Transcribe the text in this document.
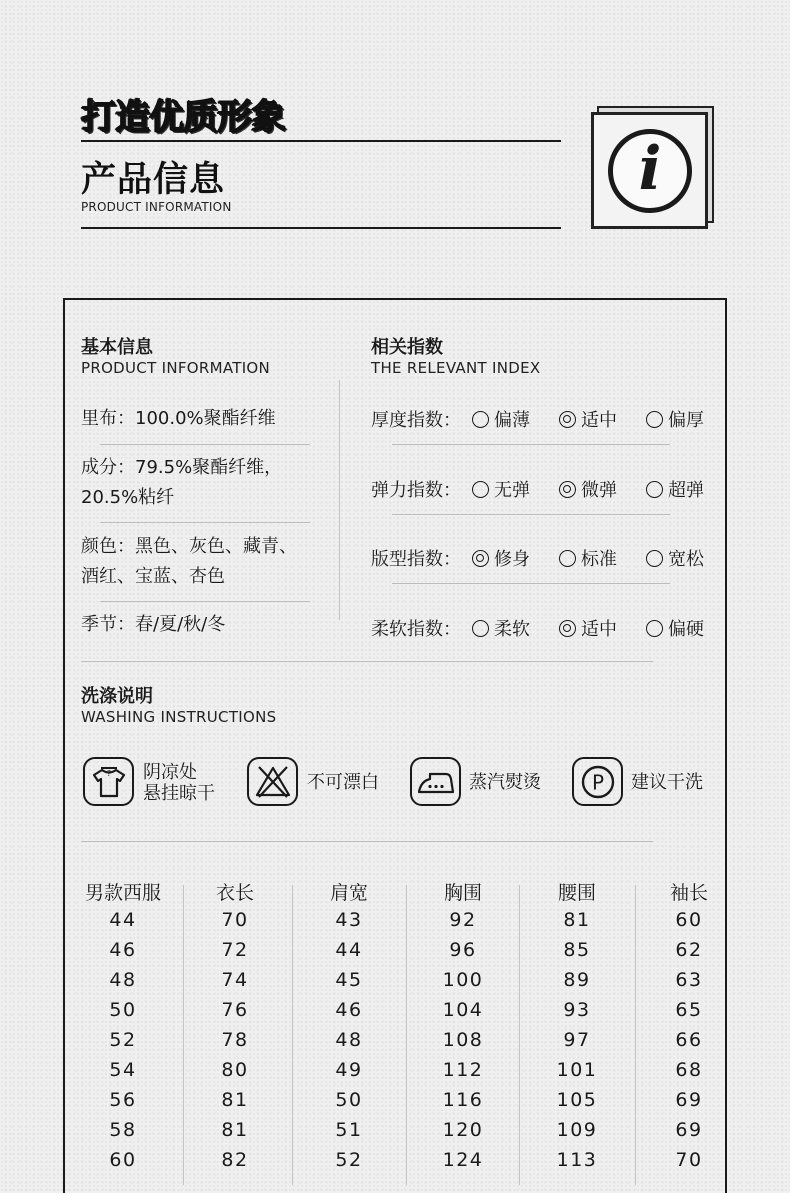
打造优质形象
产品信息
PRODUCT INFORMATION
i
基本信息
PRODUCT INFORMATION
里布：100.0%聚酯纤维
成分：79.5%聚酯纤维，
20.5%粘纤
颜色：黑色、灰色、藏青、
酒红、宝蓝、杏色
季节：春/夏/秋/冬
相关指数
THE RELEVANT INDEX
厚度指数： 偏薄	适中	偏厚
弹力指数： 无弹	微弹	超弹
版型指数： 修身	标准	宽松
柔软指数： 柔软	适中	偏硬
洗涤说明
WASHING INSTRUCTIONS
? 阴凉处
悬挂晾干
不可漂白	蒸汽熨烫	P 建议干洗
男款西服	衣长	肩宽	胸围	腰围	袖长
44	70	43	92	81	60
46	72	44	96	85	62
48	74	45	100	89	63
50	76	46	104	93	65
52	78	48	108	97	66
54	80	49	112	101	68
56	81	50	116	105	69
58	81	51	120	109	69
60	82	52	124	113	70
